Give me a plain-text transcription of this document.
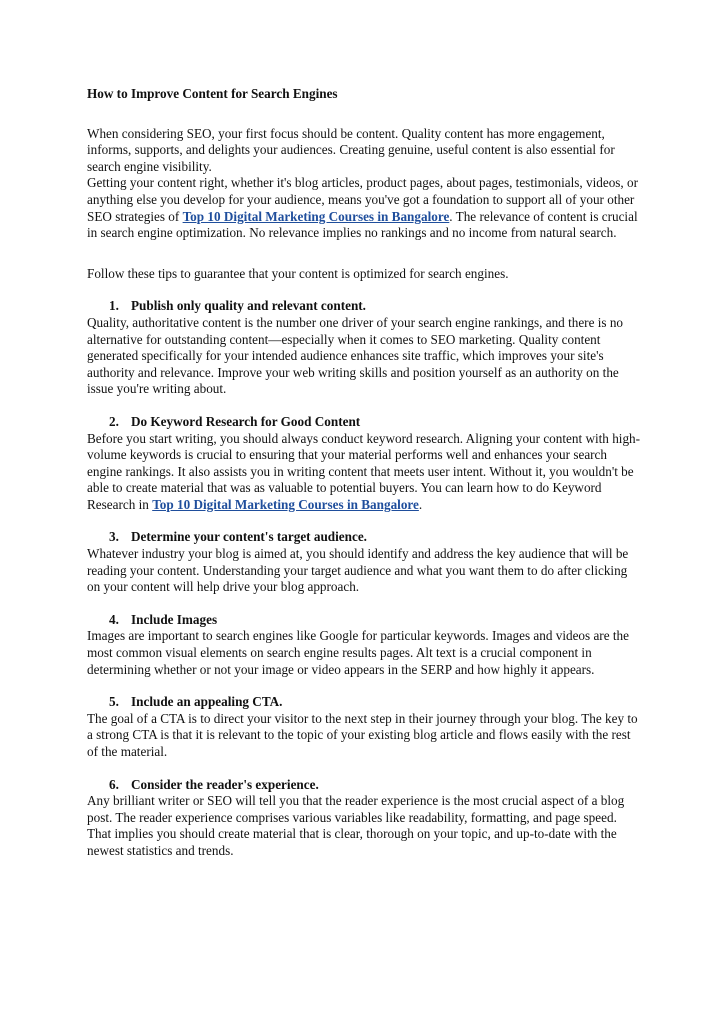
How to Improve Content for Search Engines

When considering SEO, your first focus should be content. Quality content has more engagement, informs, supports, and delights your audiences. Creating genuine, useful content is also essential for search engine visibility.

Getting your content right, whether it's blog articles, product pages, about pages, testimonials, videos, or anything else you develop for your audience, means you've got a foundation to support all of your other SEO strategies of Top 10 Digital Marketing Courses in Bangalore. The relevance of content is crucial in search engine optimization. No relevance implies no rankings and no income from natural search.

Follow these tips to guarantee that your content is optimized for search engines.

1. Publish only quality and relevant content.

Quality, authoritative content is the number one driver of your search engine rankings, and there is no alternative for outstanding content—especially when it comes to SEO marketing. Quality content generated specifically for your intended audience enhances site traffic, which improves your site's authority and relevance. Improve your web writing skills and position yourself as an authority on the issue you're writing about.

2. Do Keyword Research for Good Content

Before you start writing, you should always conduct keyword research. Aligning your content with high-volume keywords is crucial to ensuring that your material performs well and enhances your search engine rankings. It also assists you in writing content that meets user intent. Without it, you wouldn't be able to create material that was as valuable to potential buyers. You can learn how to do Keyword Research in Top 10 Digital Marketing Courses in Bangalore.

3. Determine your content's target audience.

Whatever industry your blog is aimed at, you should identify and address the key audience that will be reading your content. Understanding your target audience and what you want them to do after clicking on your content will help drive your blog approach.

4. Include Images

Images are important to search engines like Google for particular keywords. Images and videos are the most common visual elements on search engine results pages. Alt text is a crucial component in determining whether or not your image or video appears in the SERP and how highly it appears.

5. Include an appealing CTA.

The goal of a CTA is to direct your visitor to the next step in their journey through your blog. The key to a strong CTA is that it is relevant to the topic of your existing blog article and flows easily with the rest of the material.

6. Consider the reader's experience.

Any brilliant writer or SEO will tell you that the reader experience is the most crucial aspect of a blog post. The reader experience comprises various variables like readability, formatting, and page speed. That implies you should create material that is clear, thorough on your topic, and up-to-date with the newest statistics and trends.
